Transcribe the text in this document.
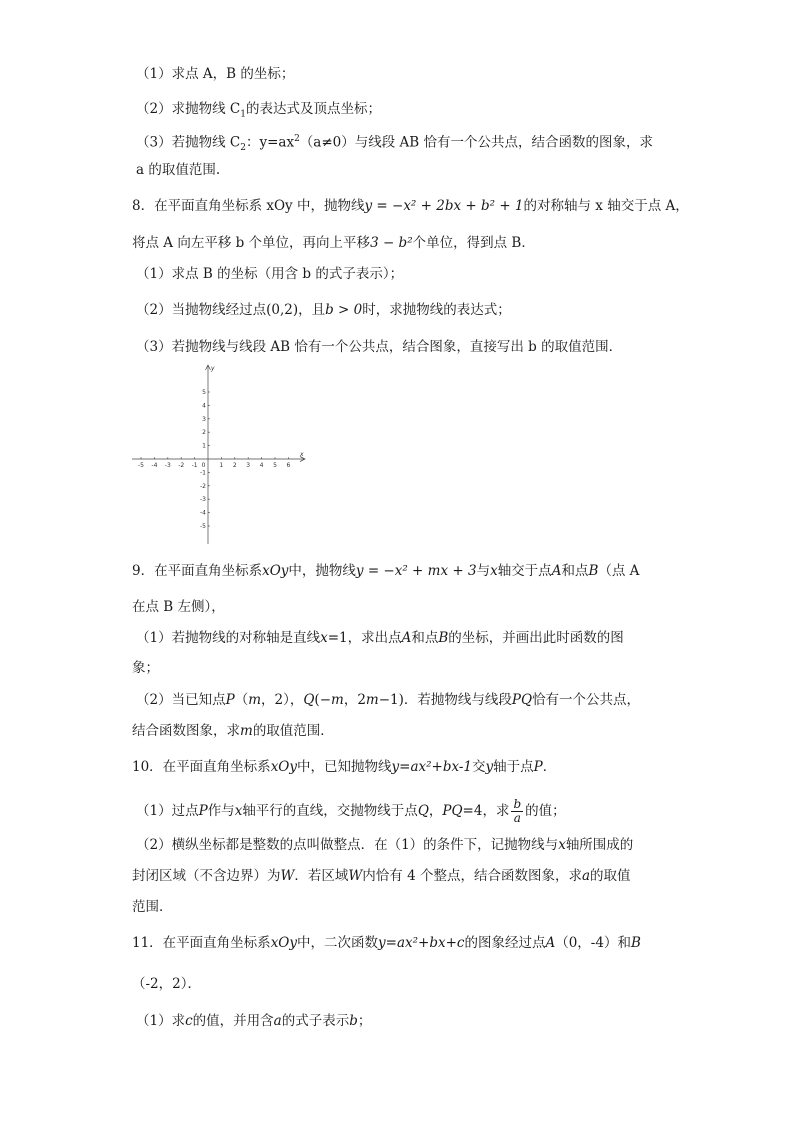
（1）求点 A，B 的坐标；
（2）求抛物线 $C_1$的表达式及顶点坐标；
（3）若抛物线 $C_2$：$y=ax^2(a\ne 0)$与线段 AB 恰有一个公共点，结合函数的图象，求
a 的取值范围.
8．在平面直角坐标系 xOy 中，抛物线y = −x² + 2bx + b² + 1的对称轴与 x 轴交于点 A，
将点 A 向左平移 b 个单位，再向上平移3 − b²个单位，得到点 B．
（1）求点 B 的坐标（用含 b 的式子表示）；
（2）当抛物线经过点(0,2)，且b > 0时，求抛物线的表达式；
（3）若抛物线与线段 AB 恰有一个公共点，结合图象，直接写出 b 的取值范围．
-5 -4 -3 -2 -1	1 2 3 4 5 6
5
4
3
2
1
-1
-2
-3
-4
-5
0
x
y
9．在平面直角坐标系xOy中，抛物线y = −x² + mx + 3与x轴交于点A和点B（点 A
在点 B 左侧），
（1）若抛物线的对称轴是直线x=1，求出点A和点B的坐标，并画出此时函数的图
象；
（2）当已知点P（m，2），Q(−m，2m−1)．若抛物线与线段PQ恰有一个公共点，
结合函数图象，求m的取值范围．
10．在平面直角坐标系xOy中，已知抛物线y=ax²+bx-1交y轴于点P．
（1）过点P作与x轴平行的直线，交抛物线于点Q，PQ=4，求 $\frac{b}{a}$ 的值；
（2）横纵坐标都是整数的点叫做整点．在（1）的条件下，记抛物线与x轴所围成的
封闭区域（不含边界）为W．若区域W内恰有 4 个整点，结合函数图象，求a的取值
范围．
11．在平面直角坐标系xOy中，二次函数y=ax²+bx+c的图象经过点A（0，-4）和B
（-2，2）．
（1）求c的值，并用含a的式子表示b；
